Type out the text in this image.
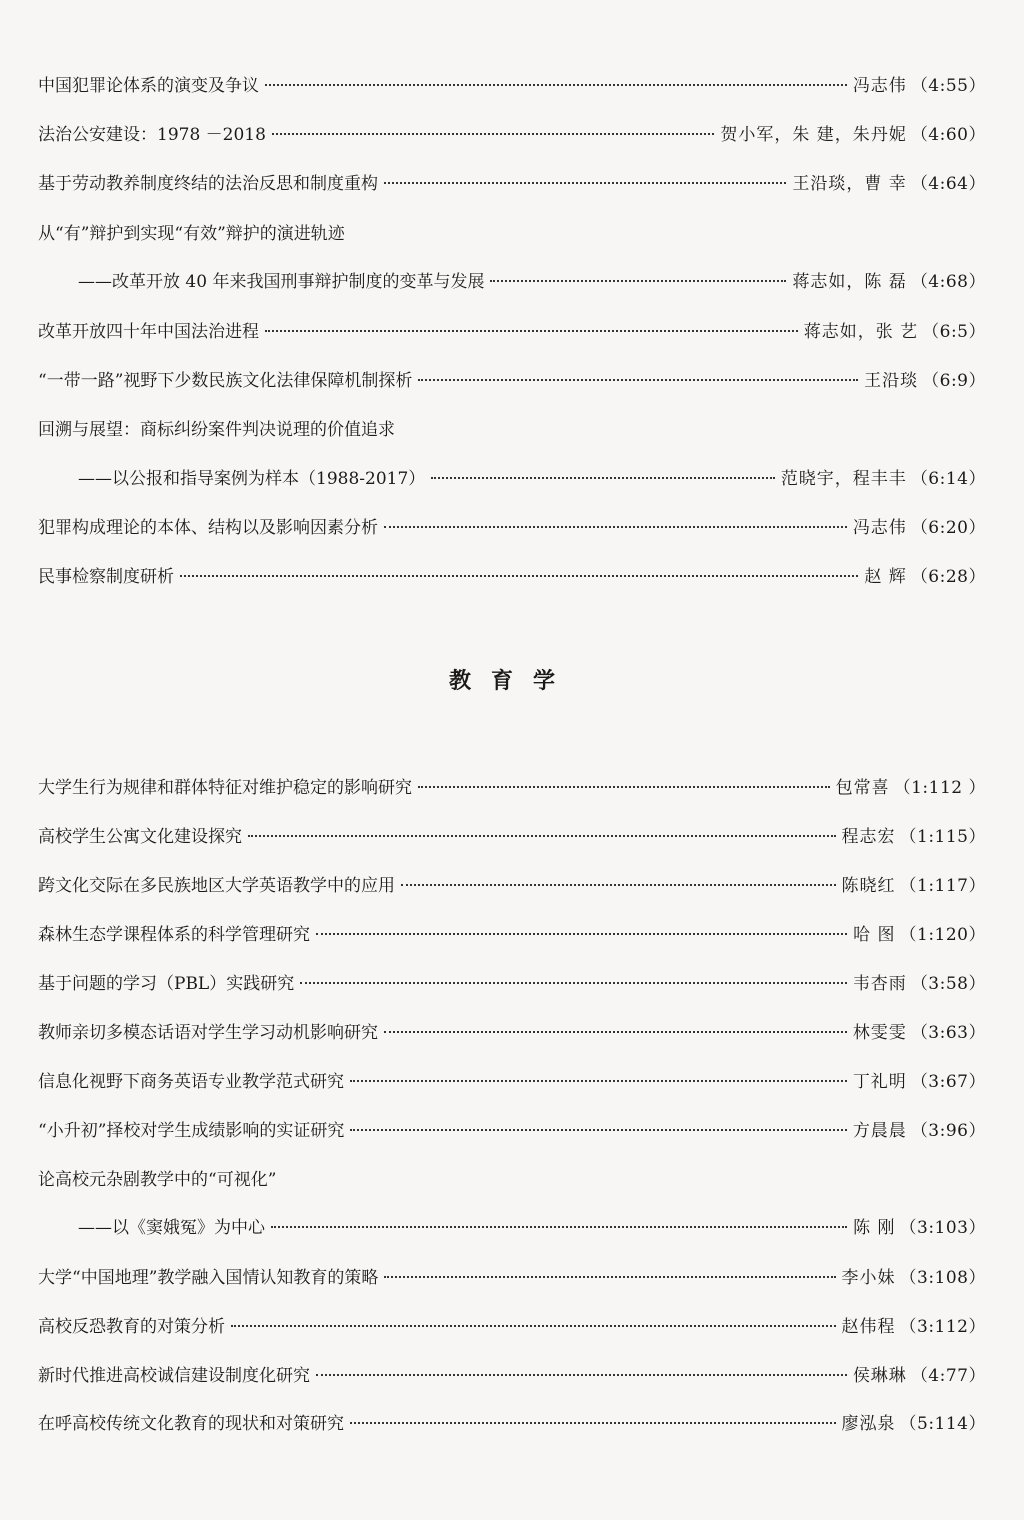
中国犯罪论体系的演变及争议	冯志伟 （4:55）
法治公安建设：1978 －2018	贺小军，朱 建，朱丹妮 （4:60）
基于劳动教养制度终结的法治反思和制度重构	王沿琰，曹 幸 （4:64）
从“有”辩护到实现“有效”辩护的演进轨迹
——改革开放 40 年来我国刑事辩护制度的变革与发展	蒋志如，陈 磊 （4:68）
改革开放四十年中国法治进程	蒋志如，张 艺 （6:5）
“一带一路”视野下少数民族文化法律保障机制探析	王沿琰 （6:9）
回溯与展望：商标纠纷案件判决说理的价值追求
——以公报和指导案例为样本（1988-2017）	范晓宇，程丰丰 （6:14）
犯罪构成理论的本体、结构以及影响因素分析	冯志伟 （6:20）
民事检察制度研析	赵 辉 （6:28）
教育学
大学生行为规律和群体特征对维护稳定的影响研究	包常喜 （1:112 ）
高校学生公寓文化建设探究	程志宏 （1:115）
跨文化交际在多民族地区大学英语教学中的应用	陈晓红 （1:117）
森林生态学课程体系的科学管理研究	哈 图 （1:120）
基于问题的学习（PBL）实践研究	韦杏雨 （3:58）
教师亲切多模态话语对学生学习动机影响研究	林雯雯 （3:63）
信息化视野下商务英语专业教学范式研究	丁礼明 （3:67）
“小升初”择校对学生成绩影响的实证研究	方晨晨 （3:96）
论高校元杂剧教学中的“可视化”
——以《窦娥冤》为中心	陈 刚 （3:103）
大学“中国地理”教学融入国情认知教育的策略	李小妹 （3:108）
高校反恐教育的对策分析	赵伟程 （3:112）
新时代推进高校诚信建设制度化研究	侯琳琳 （4:77）
在呼高校传统文化教育的现状和对策研究	廖泓泉 （5:114）
